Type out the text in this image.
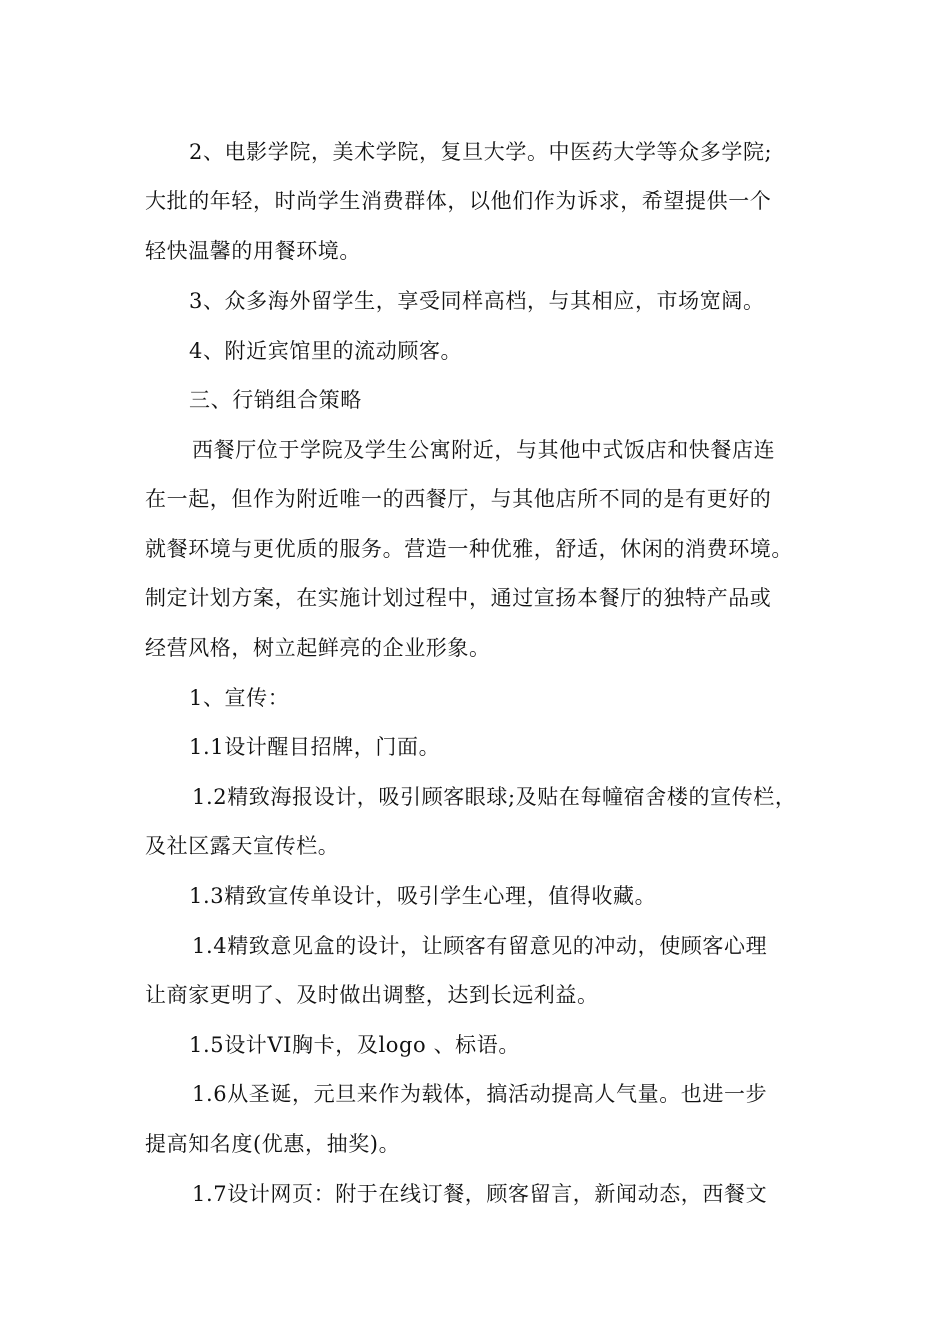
2、电影学院，美术学院，复旦大学。中医药大学等众多学院;

大批的年轻，时尚学生消费群体，以他们作为诉求，希望提供一个

轻快温馨的用餐环境。

3、众多海外留学生，享受同样高档，与其相应，市场宽阔。

4、附近宾馆里的流动顾客。

三、行销组合策略

西餐厅位于学院及学生公寓附近，与其他中式饭店和快餐店连

在一起，但作为附近唯一的西餐厅，与其他店所不同的是有更好的

就餐环境与更优质的服务。营造一种优雅，舒适，休闲的消费环境。

制定计划方案，在实施计划过程中，通过宣扬本餐厅的独特产品或

经营风格，树立起鲜亮的企业形象。

1、宣传：

1.1设计醒目招牌，门面。

1.2精致海报设计，吸引顾客眼球;及贴在每幢宿舍楼的宣传栏，

及社区露天宣传栏。

1.3精致宣传单设计，吸引学生心理，值得收藏。

1.4精致意见盒的设计，让顾客有留意见的冲动，使顾客心理

让商家更明了、及时做出调整，达到长远利益。

1.5设计VI胸卡，及logo 、标语。

1.6从圣诞，元旦来作为载体，搞活动提高人气量。也进一步

提高知名度(优惠，抽奖)。

1.7设计网页：附于在线订餐，顾客留言，新闻动态，西餐文
